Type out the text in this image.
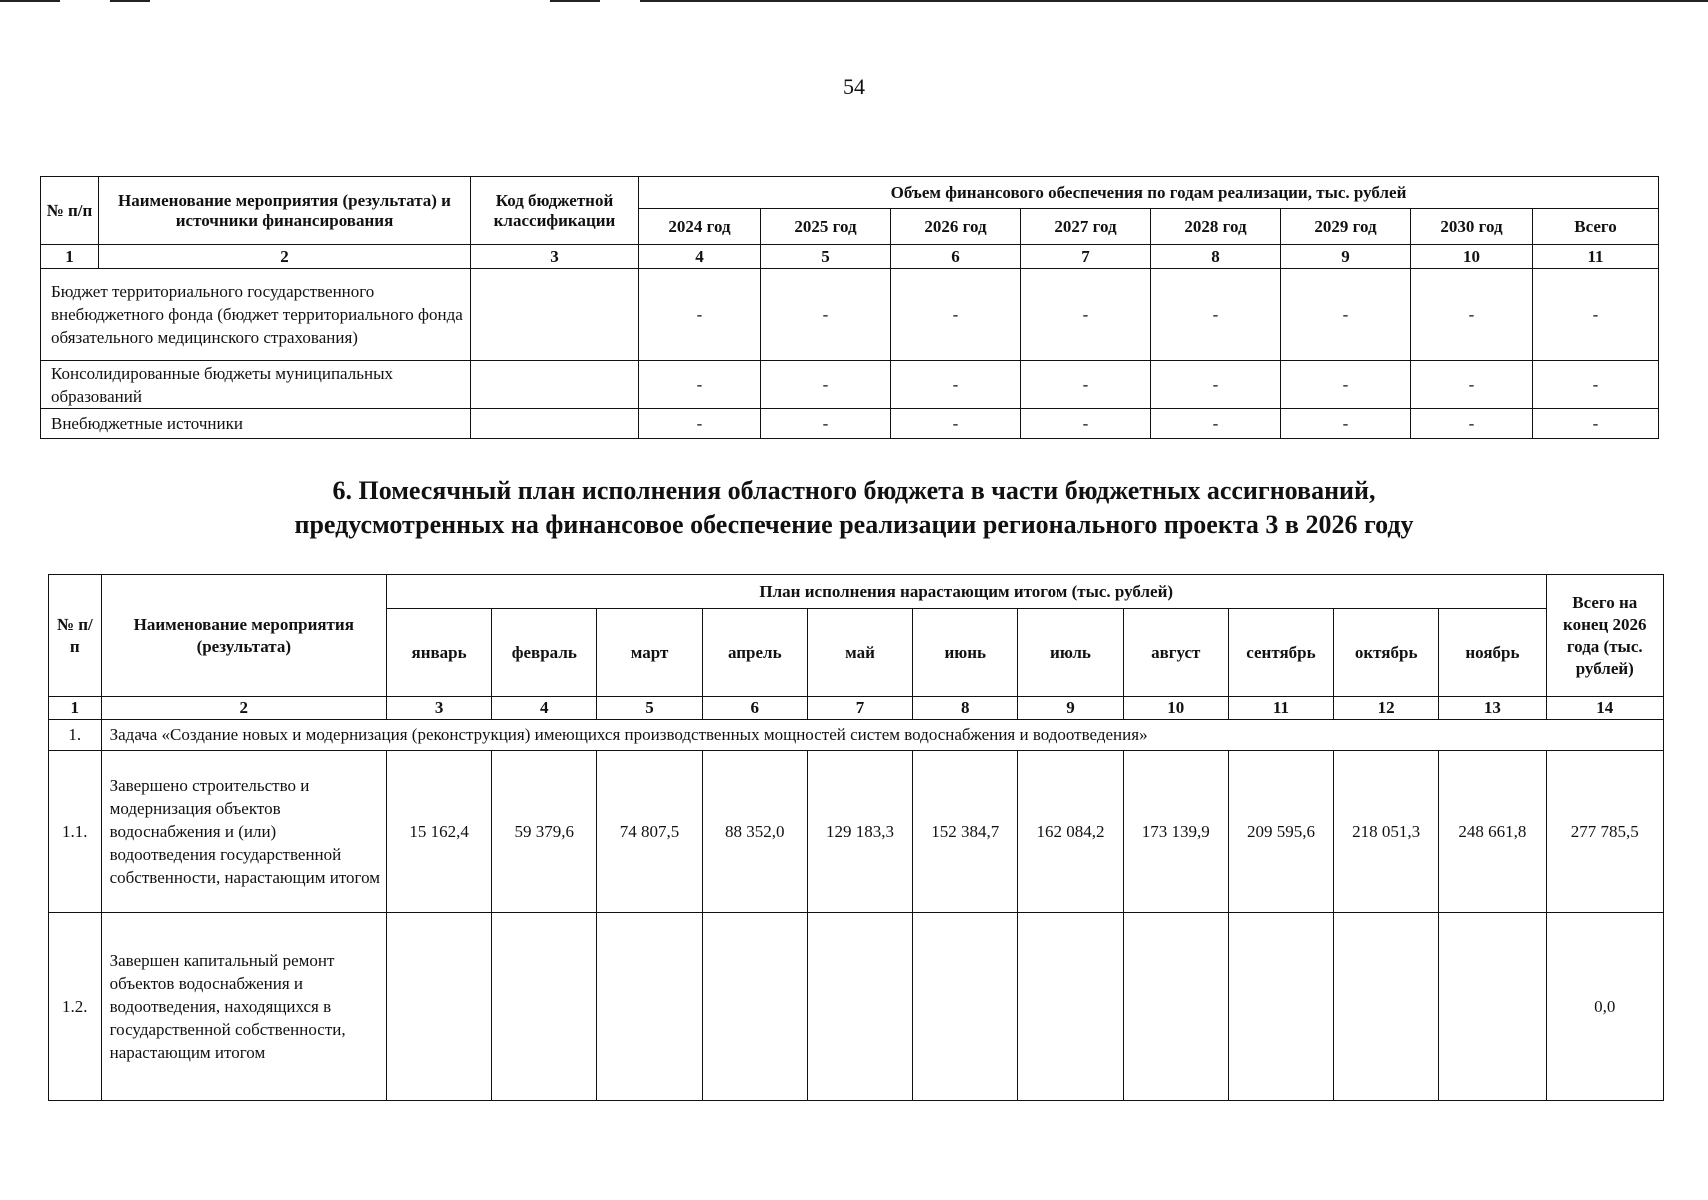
54
№ п/п	Наименование мероприятия (результата) и источники финансирования	Код бюджетной классификации	Объем финансового обеспечения по годам реализации, тыс. рублей							
			2024 год	2025 год	2026 год	2027 год	2028 год	2029 год	2030 год	Всего
1	2	3	4	5	6	7	8	9	10	11
Бюджет территориального государственного внебюджетного фонда (бюджет территориального фонда обязательного медицинского страхования)			-	-	-	-	-	-	-	-
Консолидированные бюджеты муниципальных образований			-	-	-	-	-	-	-	-
Внебюджетные источники			-	-	-	-	-	-	-	-
6. Помесячный план исполнения областного бюджета в части бюджетных ассигнований,
предусмотренных на финансовое обеспечение реализации регионального проекта 3 в 2026 году
№ п/п	Наименование мероприятия (результата)	План исполнения нарастающим итогом (тыс. рублей)											Всего на конец 2026 года (тыс. рублей)
		январь	февраль	март	апрель	май	июнь	июль	август	сентябрь	октябрь	ноябрь	
1	2	3	4	5	6	7	8	9	10	11	12	13	14
1.	Задача «Создание новых и модернизация (реконструкция) имеющихся производственных мощностей систем водоснабжения и водоотведения»												
1.1.	Завершено строительство и модернизация объектов водоснабжения и (или) водоотведения государственной собственности, нарастающим итогом	15 162,4	59 379,6	74 807,5	88 352,0	129 183,3	152 384,7	162 084,2	173 139,9	209 595,6	218 051,3	248 661,8	277 785,5
1.2.	Завершен капитальный ремонт объектов водоснабжения и водоотведения, находящихся в государственной собственности, нарастающим итогом												0,0
